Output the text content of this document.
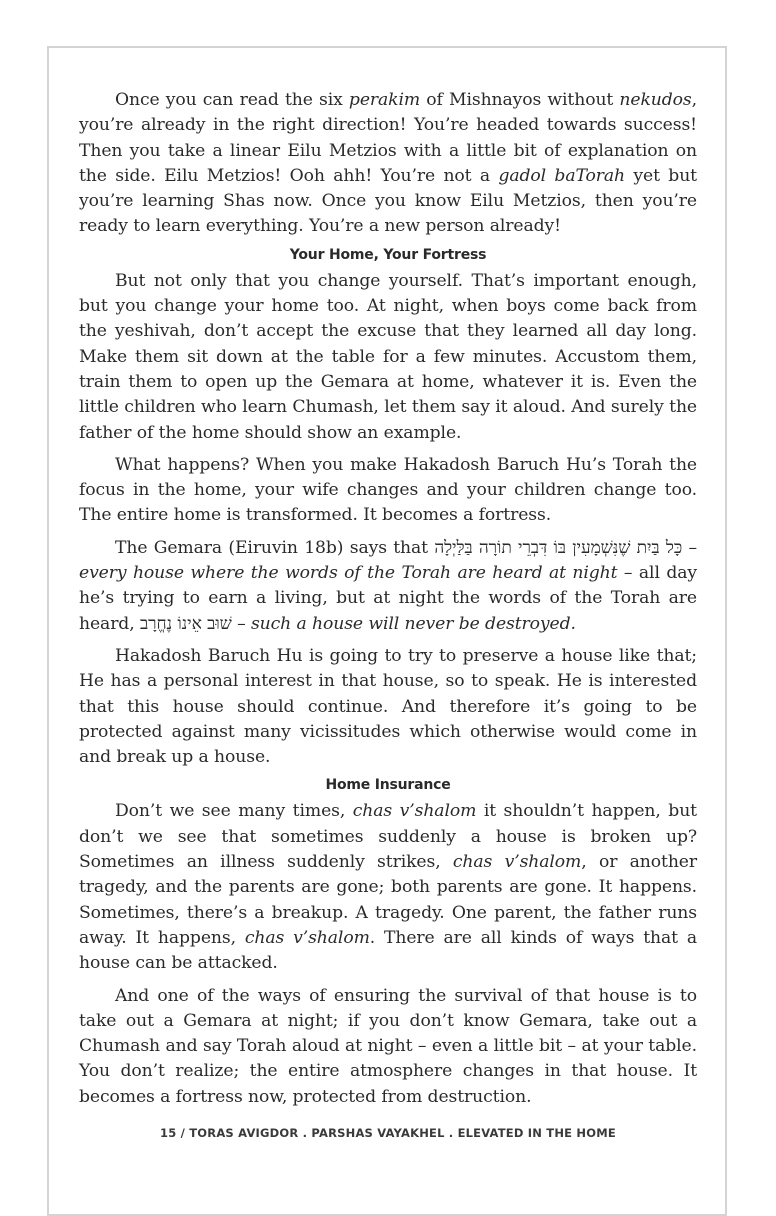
Once you can read the six perakim of Mishnayos without nekudos, you’re already in the right direction! You’re headed towards success! Then you take a linear Eilu Metzios with a little bit of explanation on the side. Eilu Metzios! Ooh ahh! You’re not a gadol baTorah yet but you’re learning Shas now. Once you know Eilu Metzios, then you’re ready to learn everything. You’re a new person already!

Your Home, Your Fortress

But not only that you change yourself. That’s important enough, but you change your home too. At night, when boys come back from the yeshivah, don’t accept the excuse that they learned all day long. Make them sit down at the table for a few minutes. Accustom them, train them to open up the Gemara at home, whatever it is. Even the little children who learn Chumash, let them say it aloud. And surely the father of the home should show an example.

What happens? When you make Hakadosh Baruch Hu’s Torah the focus in the home, your wife changes and your children change too. The entire home is transformed. It becomes a fortress.

The Gemara (Eiruvin 18b) says that כָּל בַּיִת שֶׁנִּשְׁמָעִין בּוֹ דִּבְרֵי תוֹרָה בַּלַּיְלָה – every house where the words of the Torah are heard at night – all day he’s trying to earn a living, but at night the words of the Torah are heard, שׁוּב אֵינוֹ נֶחֱרָב – such a house will never be destroyed.

Hakadosh Baruch Hu is going to try to preserve a house like that; He has a personal interest in that house, so to speak. He is interested that this house should continue. And therefore it’s going to be protected against many vicissitudes which otherwise would come in and break up a house.

Home Insurance

Don’t we see many times, chas v’shalom it shouldn’t happen, but don’t we see that sometimes suddenly a house is broken up? Sometimes an illness suddenly strikes, chas v’shalom, or another tragedy, and the parents are gone; both parents are gone. It happens. Sometimes, there’s a breakup. A tragedy. One parent, the father runs away. It happens, chas v’shalom. There are all kinds of ways that a house can be attacked.

And one of the ways of ensuring the survival of that house is to take out a Gemara at night; if you don’t know Gemara, take out a Chumash and say Torah aloud at night – even a little bit – at your table. You don’t realize; the entire atmosphere changes in that house. It becomes a fortress now, protected from destruction.

15 / TORAS AVIGDOR . PARSHAS VAYAKHEL . ELEVATED IN THE HOME
